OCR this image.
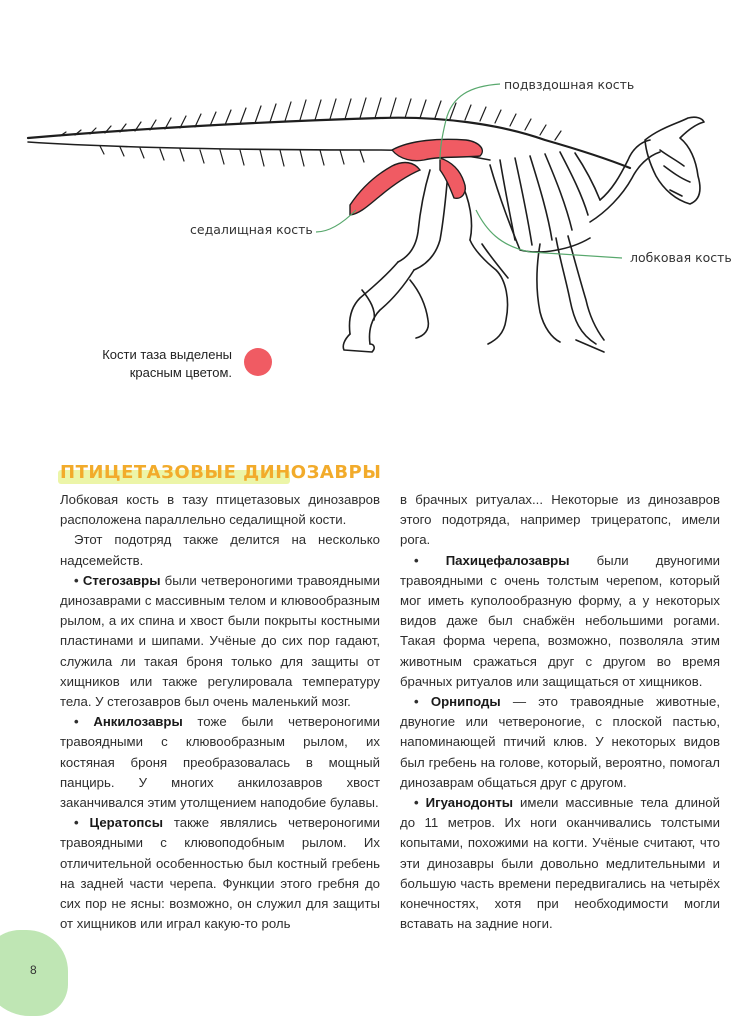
подвздошная кость
седалищная кость
лобковая кость
Кости таза выделены
красным цветом.
ПТИЦЕТАЗОВЫЕ ДИНОЗАВРЫ

Лобковая кость в тазу птицетазовых динозавров расположена параллельно седалищной кости.

Этот подотряд также делится на несколько надсемейств.

• Стегозавры были четвероногими травоядными динозаврами с массивным телом и клювообразным рылом, а их спина и хвост были покрыты костными пластинами и шипами. Учёные до сих пор гадают, служила ли такая броня только для защиты от хищников или также регулировала температуру тела. У стегозавров был очень маленький мозг.

• Анкилозавры тоже были четвероногими травоядными с клювообразным рылом, их костяная броня преобразовалась в мощный панцирь. У многих анкилозавров хвост заканчивался этим утолщением наподобие булавы.

• Цератопсы также являлись четвероногими травоядными с клювоподобным рылом. Их отличительной особенностью был костный гребень на задней части черепа. Функции этого гребня до сих пор не ясны: возможно, он служил для защиты от хищников или играл какую-то роль

в брачных ритуалах... Некоторые из динозавров этого подотряда, например трицератопс, имели рога.

• Пахицефалозавры были двуногими травоядными с очень толстым черепом, который мог иметь куполообразную форму, а у некоторых видов даже был снабжён небольшими рогами. Такая форма черепа, возможно, позволяла этим животным сражаться друг с другом во время брачных ритуалов или защищаться от хищников.

• Орниподы — это травоядные животные, двуногие или четвероногие, с плоской пастью, напоминающей птичий клюв. У некоторых видов был гребень на голове, который, вероятно, помогал динозаврам общаться друг с другом.

• Игуанодонты имели массивные тела длиной до 11 метров. Их ноги оканчивались толстыми копытами, похожими на когти. Учёные считают, что эти динозавры были довольно медлительными и большую часть времени передвигались на четырёх конечностях, хотя при необходимости могли вставать на задние ноги.

8
